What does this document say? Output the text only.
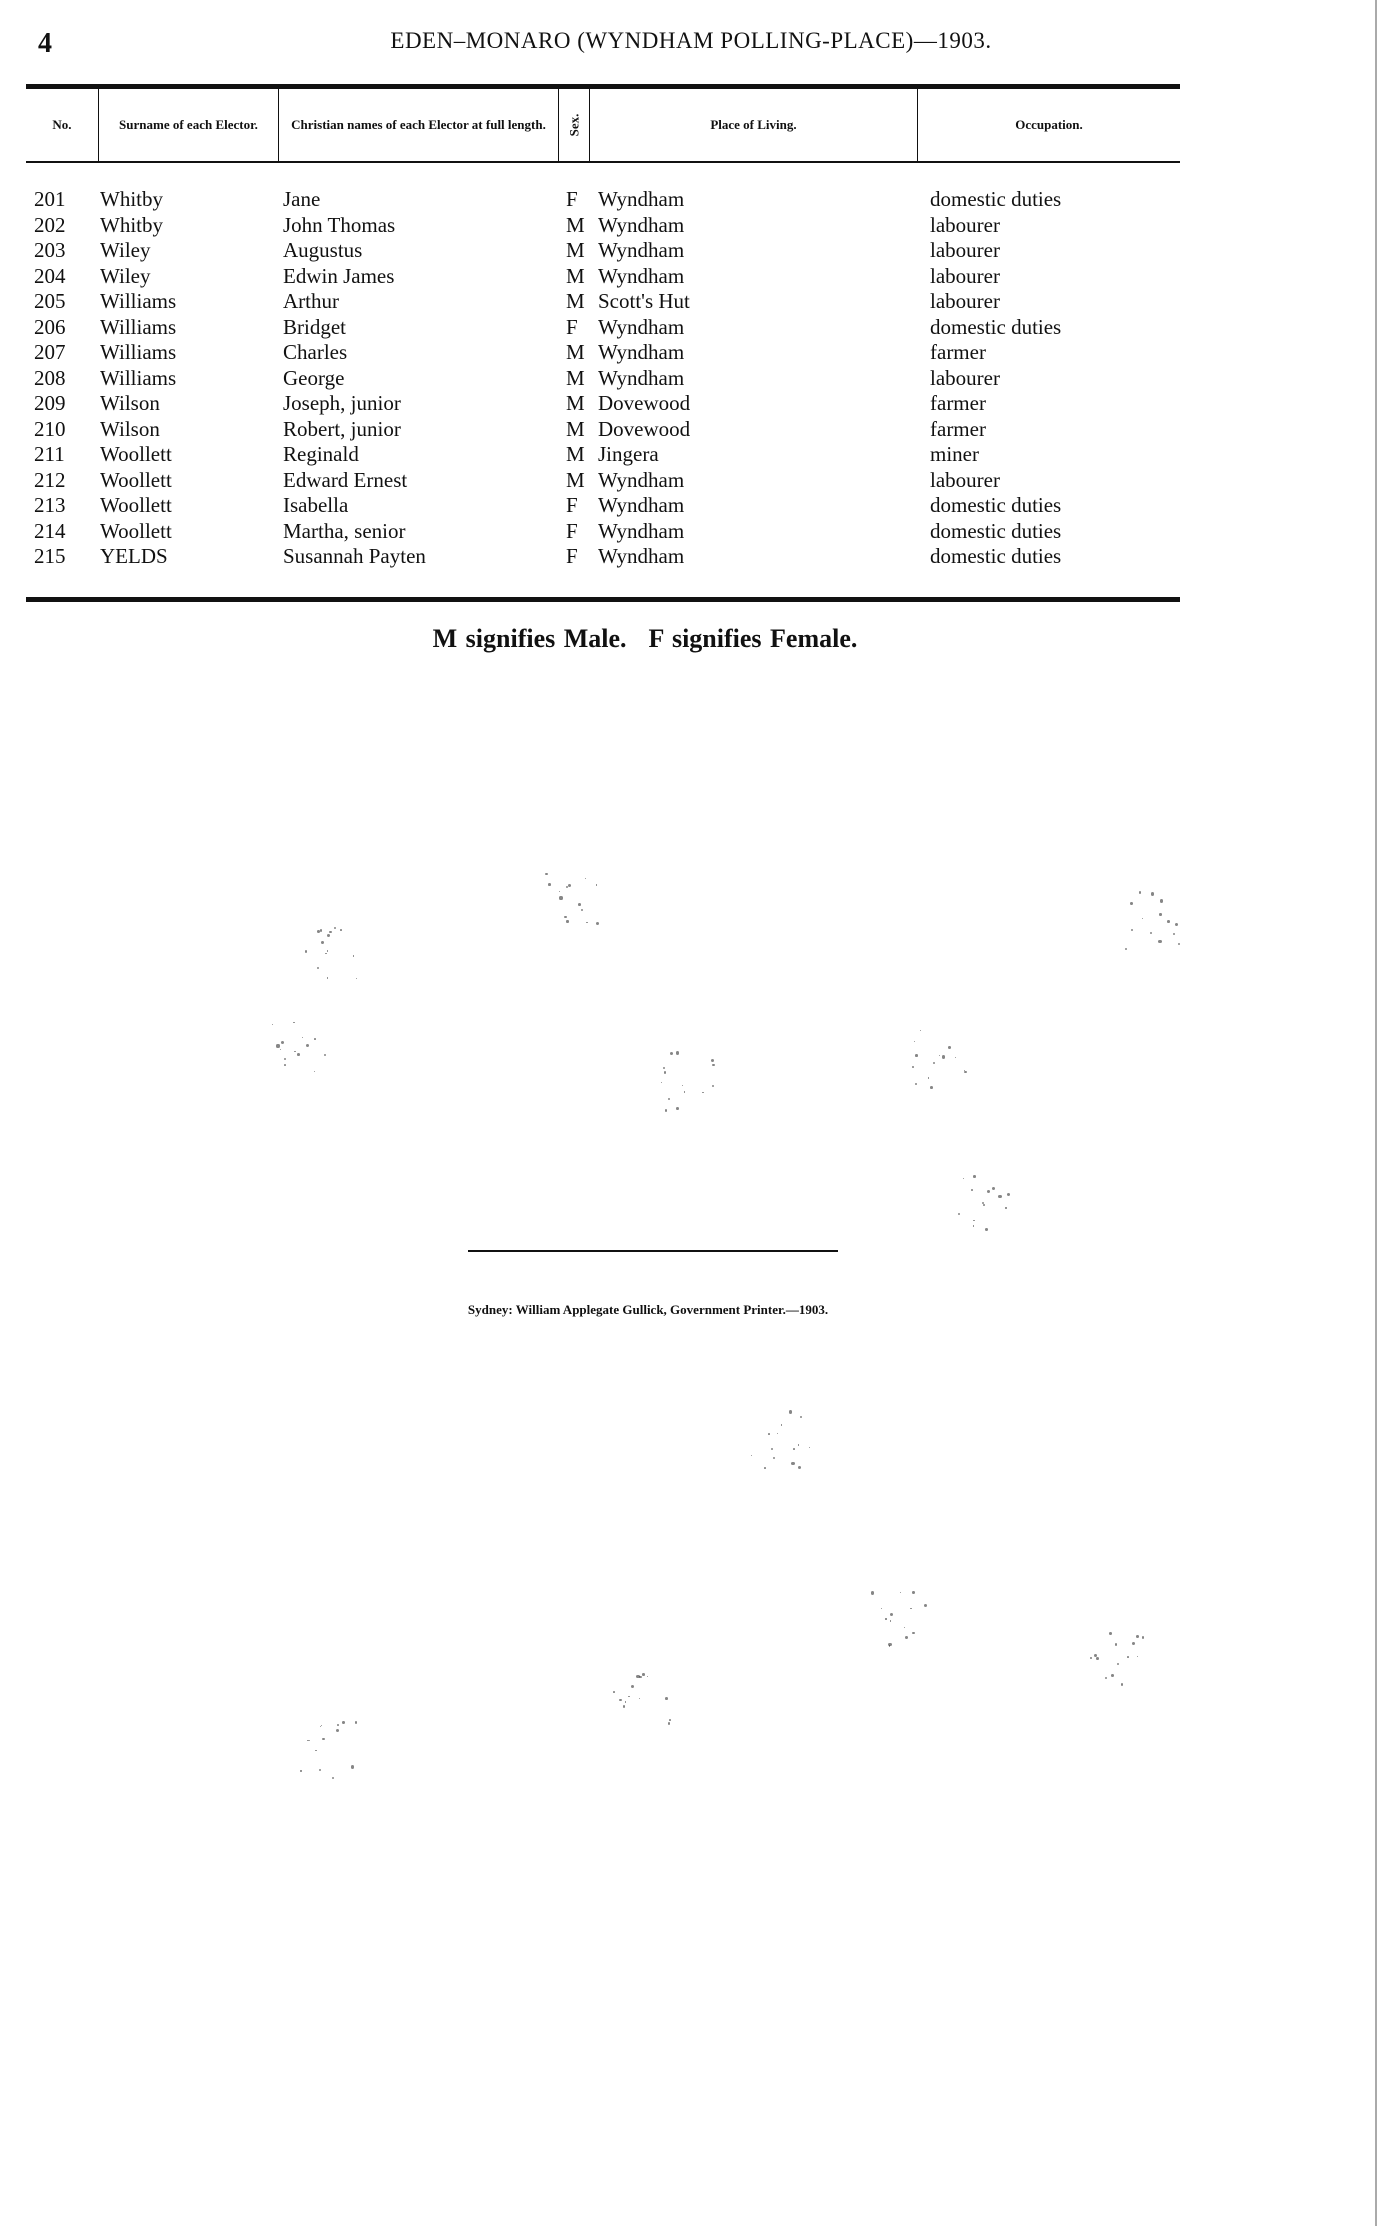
4	EDEN–MONARO (WYNDHAM POLLING-PLACE)—1903.
No.	Surname of each Elector.	Christian names of each Elector at full length.	Sex.	Place of Living.	Occupation.
201 Whitby	Jane	F Wyndham	domestic duties
202 Whitby	John Thomas	M Wyndham	labourer
203 Wiley	Augustus	M Wyndham	labourer
204 Wiley	Edwin James	M Wyndham	labourer
205 Williams	Arthur	M Scott's Hut	labourer
206 Williams	Bridget	F Wyndham	domestic duties
207 Williams	Charles	M Wyndham	farmer
208 Williams	George	M Wyndham	labourer
209 Wilson	Joseph, junior	M Dovewood	farmer
210 Wilson	Robert, junior	M Dovewood	farmer
211 Woollett	Reginald	M Jingera	miner
212 Woollett	Edward Ernest	M Wyndham	labourer
213 Woollett	Isabella	F Wyndham	domestic duties
214 Woollett	Martha, senior	F Wyndham	domestic duties
215 YELDS	Susannah Payten	F Wyndham	domestic duties
M signifies Male. F signifies Female.
Sydney: William Applegate Gullick, Government Printer.—1903.
